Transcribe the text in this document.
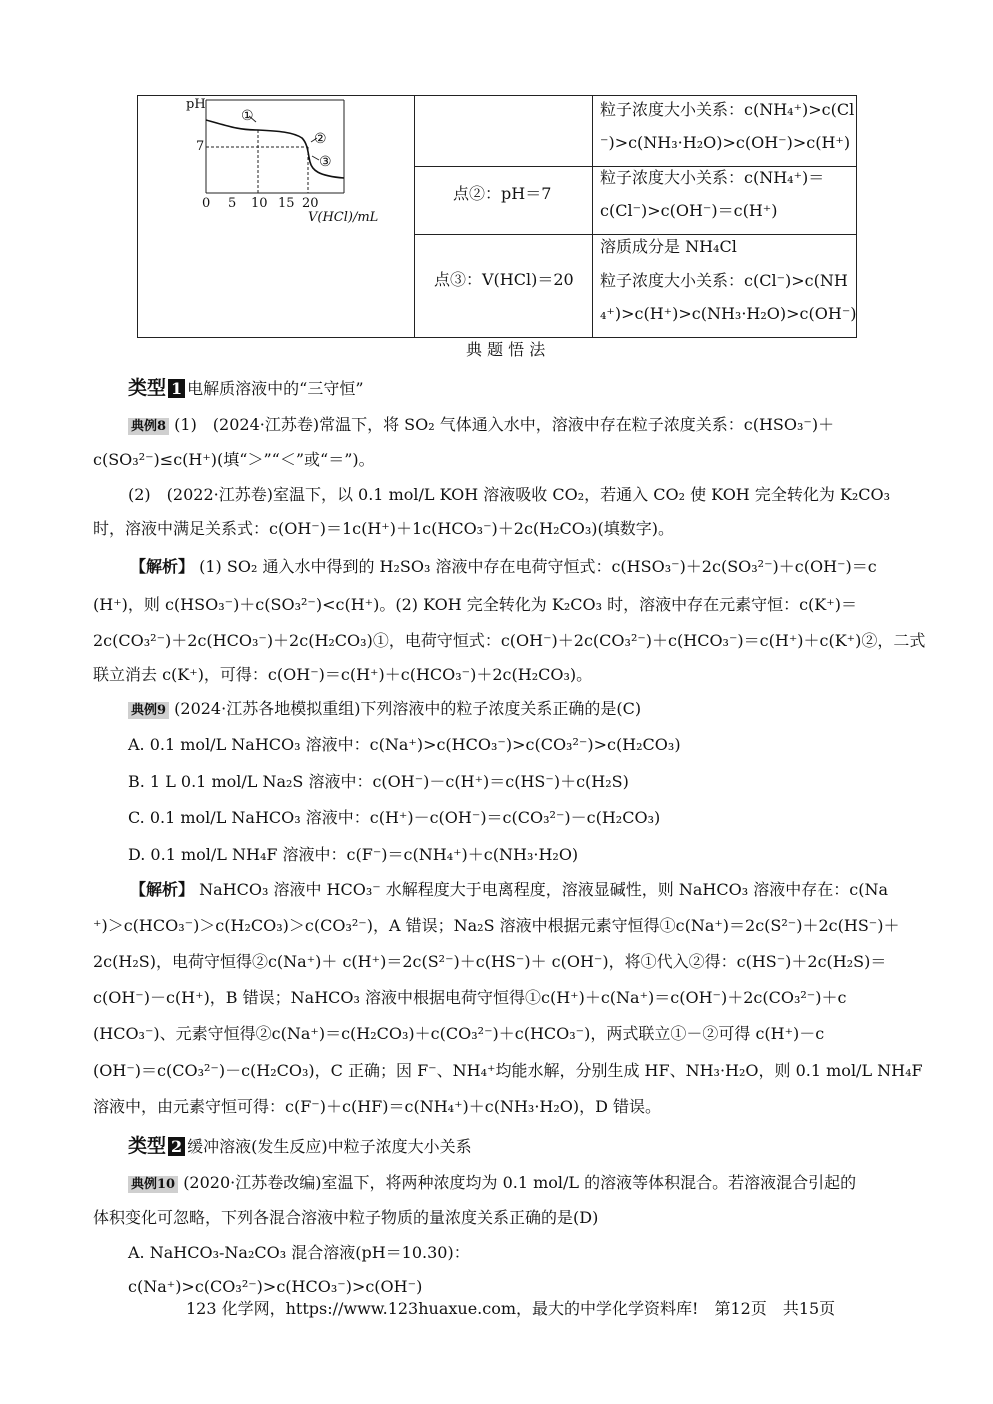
pH
7
①
②
③
0 5 10 15 20
V(HCl)/mL
粒子浓度大小关系：c(NH₄⁺)>c(Cl
⁻)>c(NH₃·H₂O)>c(OH⁻)>c(H⁺)
点②：pH＝7
粒子浓度大小关系：c(NH₄⁺)＝
c(Cl⁻)>c(OH⁻)＝c(H⁺)
点③：V(HCl)＝20
溶质成分是 NH₄Cl
粒子浓度大小关系：c(Cl⁻)>c(NH
₄⁺)>c(H⁺)>c(NH₃·H₂O)>c(OH⁻)
典 题 悟 法
类型 1 电解质溶液中的“三守恒”
典例8 (1)　(2024·江苏卷)常温下，将 SO₂ 气体通入水中，溶液中存在粒子浓度关系：c(HSO₃⁻)＋
c(SO₃²⁻)≤c(H⁺)(填“＞”“＜”或“＝”)。
(2)　(2022·江苏卷)室温下，以 0.1 mol/L KOH 溶液吸收 CO₂，若通入 CO₂ 使 KOH 完全转化为 K₂CO₃
时，溶液中满足关系式：c(OH⁻)＝1c(H⁺)＋1c(HCO₃⁻)＋2c(H₂CO₃)(填数字)。
【解析】 (1) SO₂ 通入水中得到的 H₂SO₃ 溶液中存在电荷守恒式：c(HSO₃⁻)＋2c(SO₃²⁻)＋c(OH⁻)＝c
(H⁺)，则 c(HSO₃⁻)＋c(SO₃²⁻)<c(H⁺)。(2) KOH 完全转化为 K₂CO₃ 时，溶液中存在元素守恒：c(K⁺)＝
2c(CO₃²⁻)＋2c(HCO₃⁻)＋2c(H₂CO₃)①，电荷守恒式：c(OH⁻)＋2c(CO₃²⁻)＋c(HCO₃⁻)＝c(H⁺)＋c(K⁺)②，二式
联立消去 c(K⁺)，可得：c(OH⁻)＝c(H⁺)＋c(HCO₃⁻)＋2c(H₂CO₃)。
典例9 (2024·江苏各地模拟重组)下列溶液中的粒子浓度关系正确的是(C)
A. 0.1 mol/L NaHCO₃ 溶液中：c(Na⁺)>c(HCO₃⁻)>c(CO₃²⁻)>c(H₂CO₃)
B. 1 L 0.1 mol/L Na₂S 溶液中：c(OH⁻)－c(H⁺)＝c(HS⁻)＋c(H₂S)
C. 0.1 mol/L NaHCO₃ 溶液中：c(H⁺)－c(OH⁻)＝c(CO₃²⁻)－c(H₂CO₃)
D. 0.1 mol/L NH₄F 溶液中：c(F⁻)＝c(NH₄⁺)＋c(NH₃·H₂O)
【解析】 NaHCO₃ 溶液中 HCO₃⁻ 水解程度大于电离程度，溶液显碱性，则 NaHCO₃ 溶液中存在：c(Na
⁺)＞c(HCO₃⁻)＞c(H₂CO₃)＞c(CO₃²⁻)，A 错误；Na₂S 溶液中根据元素守恒得①c(Na⁺)＝2c(S²⁻)＋2c(HS⁻)＋
2c(H₂S)，电荷守恒得②c(Na⁺)＋ c(H⁺)＝2c(S²⁻)＋c(HS⁻)＋ c(OH⁻)，将①代入②得：c(HS⁻)＋2c(H₂S)＝
c(OH⁻)－c(H⁺)，B 错误；NaHCO₃ 溶液中根据电荷守恒得①c(H⁺)＋c(Na⁺)＝c(OH⁻)＋2c(CO₃²⁻)＋c
(HCO₃⁻)、元素守恒得②c(Na⁺)＝c(H₂CO₃)＋c(CO₃²⁻)＋c(HCO₃⁻)，两式联立①－②可得 c(H⁺)－c
(OH⁻)＝c(CO₃²⁻)－c(H₂CO₃)，C 正确；因 F⁻、NH₄⁺均能水解，分别生成 HF、NH₃·H₂O，则 0.1 mol/L NH₄F
溶液中，由元素守恒可得：c(F⁻)＋c(HF)＝c(NH₄⁺)＋c(NH₃·H₂O)，D 错误。
类型 2 缓冲溶液(发生反应)中粒子浓度大小关系
典例10 (2020·江苏卷改编)室温下，将两种浓度均为 0.1 mol/L 的溶液等体积混合。若溶液混合引起的
体积变化可忽略，下列各混合溶液中粒子物质的量浓度关系正确的是(D)
A. NaHCO₃-Na₂CO₃ 混合溶液(pH＝10.30)：
c(Na⁺)>c(CO₃²⁻)>c(HCO₃⁻)>c(OH⁻)
123 化学网，https://www.123huaxue.com，最大的中学化学资料库!　第12页　共15页
